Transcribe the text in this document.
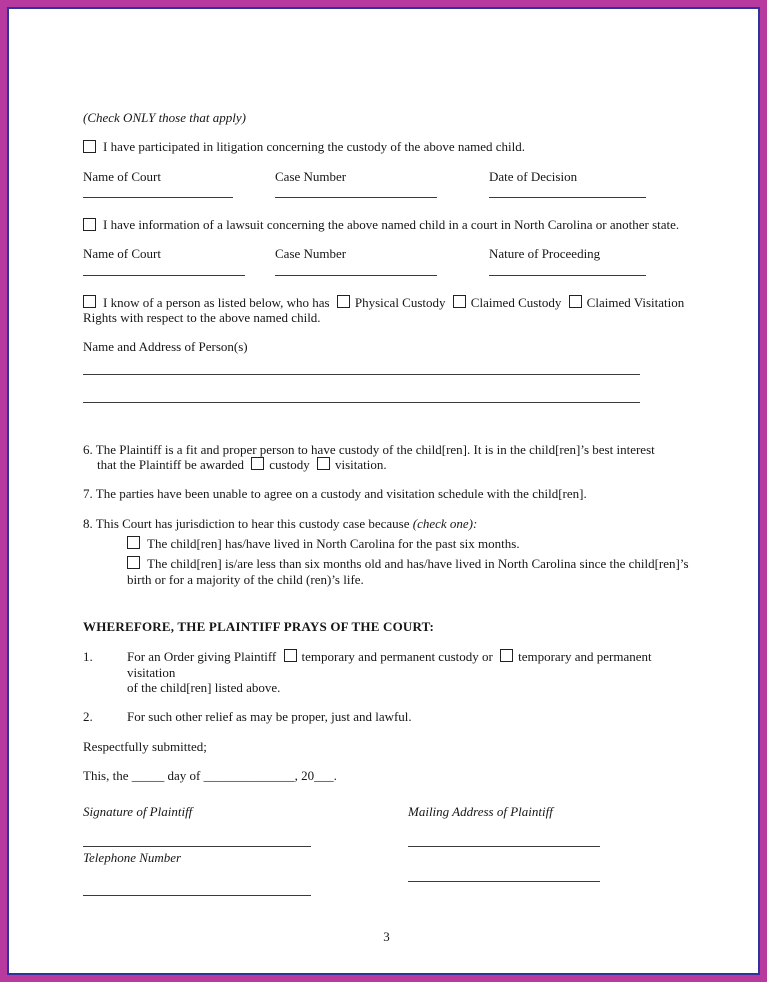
(Check ONLY those that apply)

I have participated in litigation concerning the custody of the above named child.
Name of Court	Case Number	Date of Decision
I have information of a lawsuit concerning the above named child in a court in North Carolina or another state.
Name of Court	Case Number	Nature of Proceeding
I know of a person as listed below, who has Physical Custody Claimed Custody Claimed Visitation Rights with respect to the above named child.

Name and Address of Person(s)

6. The Plaintiff is a fit and proper person to have custody of the child[ren]. It is in the child[ren]’s best interest
that the Plaintiff be awarded custody visitation.

7. The parties have been unable to agree on a custody and visitation schedule with the child[ren].

8. This Court has jurisdiction to hear this custody case because (check one):
The child[ren] has/have lived in North Carolina for the past six months.
The child[ren] is/are less than six months old and has/have lived in North Carolina since the child[ren]’s birth or for a majority of the child (ren)’s life.

WHEREFORE, THE PLAINTIFF PRAYS OF THE COURT:

1.	For an Order giving Plaintiff temporary and permanent custody or temporary and permanent visitation
of the child[ren] listed above.
2.	For such other relief as may be proper, just and lawful.

Respectfully submitted;

This, the _____ day of ______________, 20___.

Signature of Plaintiff
Telephone Number
Mailing Address of Plaintiff

3
